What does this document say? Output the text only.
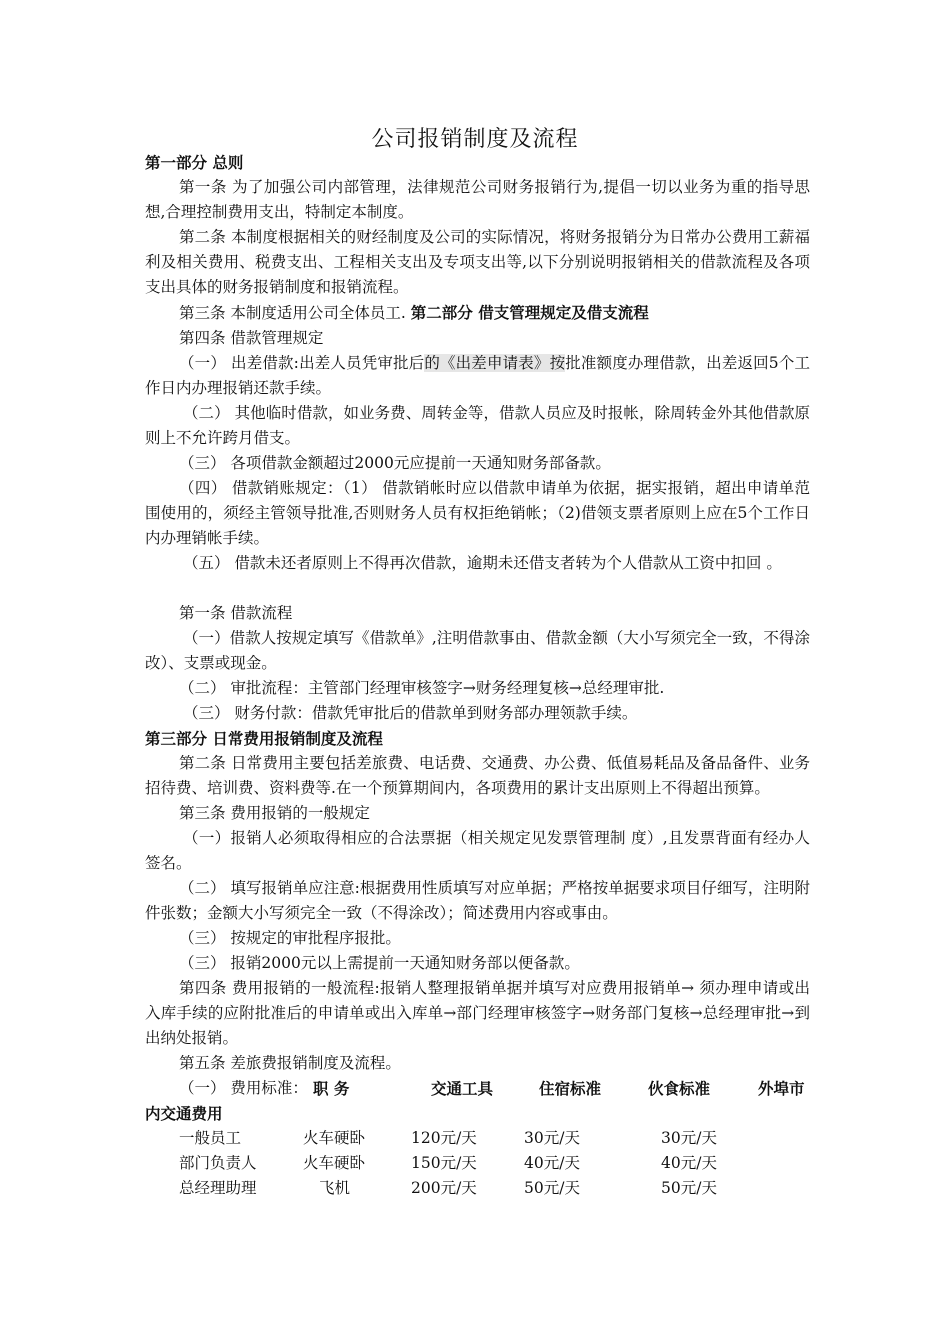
公司报销制度及流程

第一部分 总则

第一条 为了加强公司内部管理，法律规范公司财务报销行为,提倡一切以业务为重的指导思想,合理控制费用支出，特制定本制度。

第二条 本制度根据相关的财经制度及公司的实际情况，将财务报销分为日常办公费用工薪福利及相关费用、税费支出、工程相关支出及专项支出等,以下分别说明报销相关的借款流程及各项支出具体的财务报销制度和报销流程。

第三条 本制度适用公司全体员工. 第二部分 借支管理规定及借支流程

第四条 借款管理规定

（一） 出差借款:出差人员凭审批后的《出差申请表》按批准额度办理借款，出差返回5个工作日内办理报销还款手续。

（二） 其他临时借款，如业务费、周转金等，借款人员应及时报帐，除周转金外其他借款原则上不允许跨月借支。

（三） 各项借款金额超过2000元应提前一天通知财务部备款。

（四） 借款销账规定：（1） 借款销帐时应以借款申请单为依据，据实报销，超出申请单范围使用的，须经主管领导批准,否则财务人员有权拒绝销帐；（2)借领支票者原则上应在5个工作日内办理销帐手续。

（五） 借款未还者原则上不得再次借款，逾期未还借支者转为个人借款从工资中扣回 。

第一条 借款流程

（一）借款人按规定填写《借款单》,注明借款事由、借款金额（大小写须完全一致，不得涂改）、支票或现金。

（二） 审批流程：主管部门经理审核签字→财务经理复核→总经理审批.

（三） 财务付款：借款凭审批后的借款单到财务部办理领款手续。

第三部分 日常费用报销制度及流程

第二条 日常费用主要包括差旅费、电话费、交通费、办公费、低值易耗品及备品备件、业务招待费、培训费、资料费等.在一个预算期间内，各项费用的累计支出原则上不得超出预算。

第三条 费用报销的一般规定

（一）报销人必须取得相应的合法票据（相关规定见发票管理制 度）,且发票背面有经办人签名。

（二） 填写报销单应注意:根据费用性质填写对应单据；严格按单据要求项目仔细写，注明附件张数；金额大小写须完全一致（不得涂改）；简述费用内容或事由。

（三） 按规定的审批程序报批。

（三） 报销2000元以上需提前一天通知财务部以便备款。

第四条 费用报销的一般流程:报销人整理报销单据并填写对应费用报销单→ 须办理申请或出入库手续的应附批准后的申请单或出入库单→部门经理审核签字→财务部门复核→总经理审批→到出纳处报销。

第五条 差旅费报销制度及流程。

（一） 费用标准： 职 务	交通工具	住宿标准	伙食标准	外埠市
内交通费用
一般员工	火车硬卧	120元/天	30元/天	30元/天
部门负责人	火车硬卧	150元/天	40元/天	40元/天
总经理助理	飞机	200元/天	50元/天	50元/天
